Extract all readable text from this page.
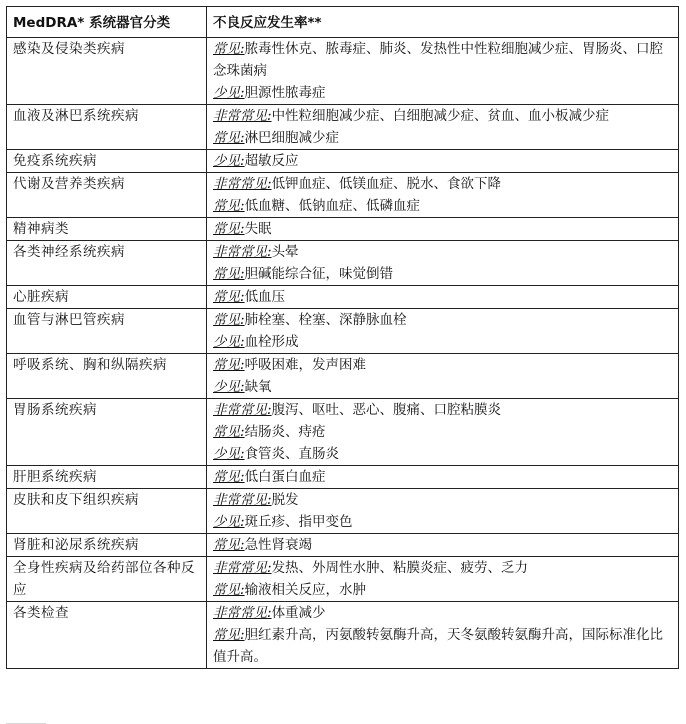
MedDRA* 系统器官分类	不良反应发生率**
感染及侵染类疾病	常见:脓毒性休克、脓毒症、肺炎、发热性中性粒细胞减少症、胃肠炎、口腔念珠菌病
少见:胆源性脓毒症

血液及淋巴系统疾病	非常常见:中性粒细胞减少症、白细胞减少症、贫血、血小板减少症
常见:淋巴细胞减少症

免疫系统疾病	少见:超敏反应

代谢及营养类疾病	非常常见:低钾血症、低镁血症、脱水、食欲下降
常见:低血糖、低钠血症、低磷血症

精神病类	常见:失眠

各类神经系统疾病	非常常见:头晕
常见:胆碱能综合征，味觉倒错

心脏疾病	常见:低血压

血管与淋巴管疾病	常见:肺栓塞、栓塞、深静脉血栓
少见:血栓形成

呼吸系统、胸和纵隔疾病	常见:呼吸困难，发声困难
少见:缺氧

胃肠系统疾病	非常常见:腹泻、呕吐、恶心、腹痛、口腔粘膜炎
常见:结肠炎、痔疮
少见:食管炎、直肠炎

肝胆系统疾病	常见:低白蛋白血症

皮肤和皮下组织疾病	非常常见:脱发
少见:斑丘疹、指甲变色

肾脏和泌尿系统疾病	常见:急性肾衰竭

全身性疾病及给药部位各种反应	非常常见:发热、外周性水肿、粘膜炎症、疲劳、乏力
常见:输液相关反应，水肿

各类检查	非常常见:体重减少
常见:胆红素升高，丙氨酸转氨酶升高，天冬氨酸转氨酶升高，国际标准化比值升高。
